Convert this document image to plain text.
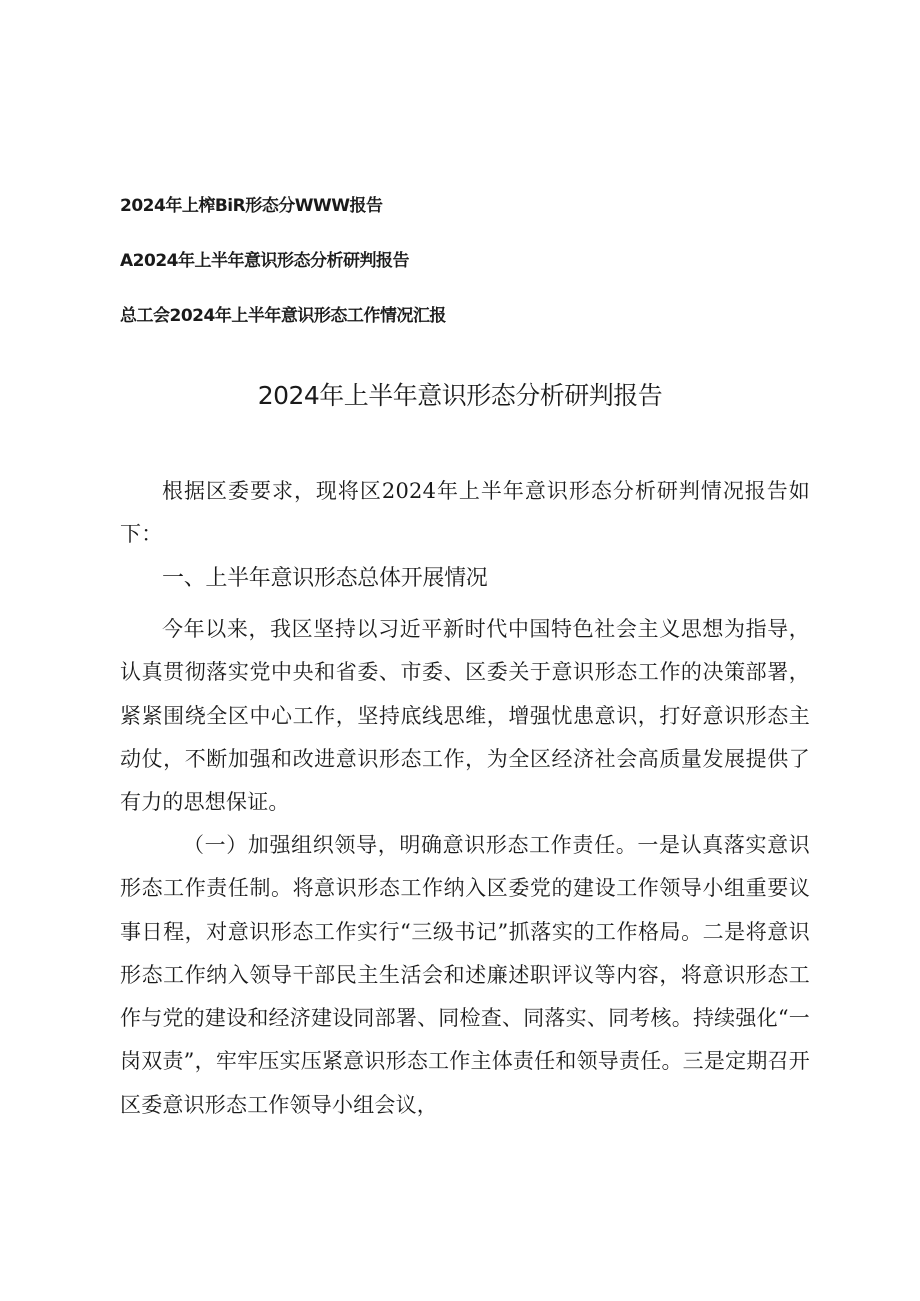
2024年上榨BiR形态分WWW报告
A2024年上半年意识形态分析研判报告
总工会2024年上半年意识形态工作情况汇报
2024年上半年意识形态分析研判报告

根据区委要求，现将区2024年上半年意识形态分析研判情况报告如下：

一、上半年意识形态总体开展情况

今年以来，我区坚持以习近平新时代中国特色社会主义思想为指导，认真贯彻落实党中央和省委、市委、区委关于意识形态工作的决策部署，紧紧围绕全区中心工作，坚持底线思维，增强忧患意识，打好意识形态主动仗，不断加强和改进意识形态工作，为全区经济社会高质量发展提供了有力的思想保证。

（一）加强组织领导，明确意识形态工作责任。一是认真落实意识形态工作责任制。将意识形态工作纳入区委党的建设工作领导小组重要议事日程，对意识形态工作实行“三级书记”抓落实的工作格局。二是将意识形态工作纳入领导干部民主生活会和述廉述职评议等内容，将意识形态工作与党的建设和经济建设同部署、同检查、同落实、同考核。持续强化“一岗双责”，牢牢压实压紧意识形态工作主体责任和领导责任。三是定期召开区委意识形态工作领导小组会议，
